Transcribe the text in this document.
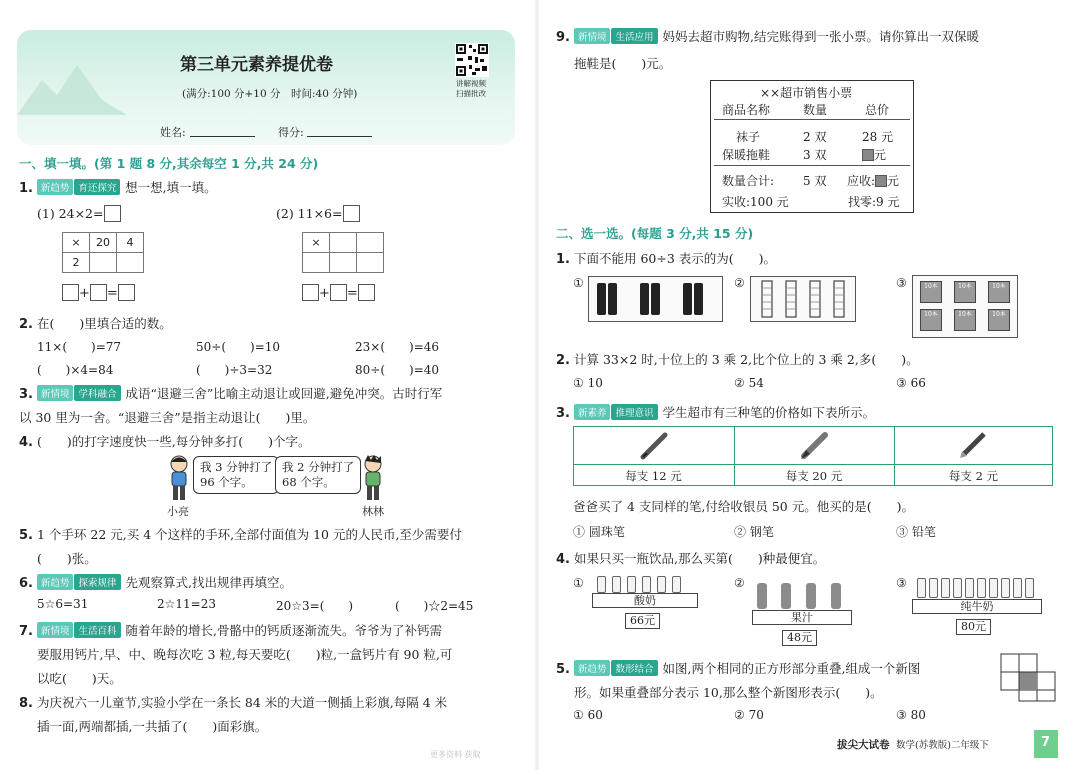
第三单元素养提优卷
(满分:100 分+10 分　时间:40 分钟)
讲解视频
扫描批改
姓名:	得分:
一、填一填。(第 1 题 8 分,其余每空 1 分,共 24 分)
1. 新趋势 育还探究 想一想,填一填。
(1) 24×2=	(2) 11×6=
×	20	4
2		
×		

+ =	+ =
2. 在(　　)里填合适的数。
11×(　　)=77	50÷(　　)=10	23×(　　)=46
(　　)×4=84	(　　)÷3=32	80÷(　　)=40
3. 新情境 学科融合 成语“退避三舍”比喻主动退让或回避,避免冲突。古时行军
以 30 里为一舍。“退避三舍”是指主动退让(　　)里。
4. (　　)的打字速度快一些,每分钟多打(　　)个字。
我 3 分钟打了
96 个字。
我 2 分钟打了
68 个字。
小亮	林林
5. 1 个手环 22 元,买 4 个这样的手环,全部付面值为 10 元的人民币,至少需要付
(　　)张。
6. 新趋势 探索规律 先观察算式,找出规律再填空。
5☆6=31	2☆11=23	20☆3=(　　)	(　　)☆2=45
7. 新情境 生活百科 随着年龄的增长,骨骼中的钙质逐渐流失。爷爷为了补钙需
要服用钙片,早、中、晚每次吃 3 粒,每天要吃(　　)粒,一盒钙片有 90 粒,可
以吃(　　)天。
8. 为庆祝六一儿童节,实验小学在一条长 84 米的大道一侧插上彩旗,每隔 4 米
插一面,两端都插,一共插了(　　)面彩旗。
9. 新情境 生活应用 妈妈去超市购物,结完账得到一张小票。请你算出一双保暖
拖鞋是(　　)元。
××超市销售小票
商品名称	数量	总价
袜子	2 双	28 元
保暖拖鞋	3 双	元
数量合计: 5 双 应收: 元
实收:100 元	找零:9 元
二、选一选。(每题 3 分,共 15 分)
1. 下面不能用 60÷3 表示的为(　　)。
①	②	③	10本	10本	10本
10本	10本	10本
2. 计算 33×2 时,十位上的 3 乘 2,比个位上的 3 乘 2,多(　　)。
① 10	② 54	③ 66
3. 新素养 推理意识 学生超市有三种笔的价格如下表所示。
每支 12 元	每支 20 元	每支 2 元
爸爸买了 4 支同样的笔,付给收银员 50 元。他买的是(　　)。
① 圆珠笔	② 钢笔	③ 铅笔
4. 如果只买一瓶饮品,那么买第(　　)种最便宜。
①
酸奶
66元
②
果汁
48元
③
纯牛奶
80元
5. 新趋势 数形结合 如图,两个相同的正方形部分重叠,组成一个新图
形。如果重叠部分表示 10,那么整个新图形表示(　　)。
① 60	② 70	③ 80
拔尖大试卷 数学(苏教版)二年级下	7
更多资料 获取
